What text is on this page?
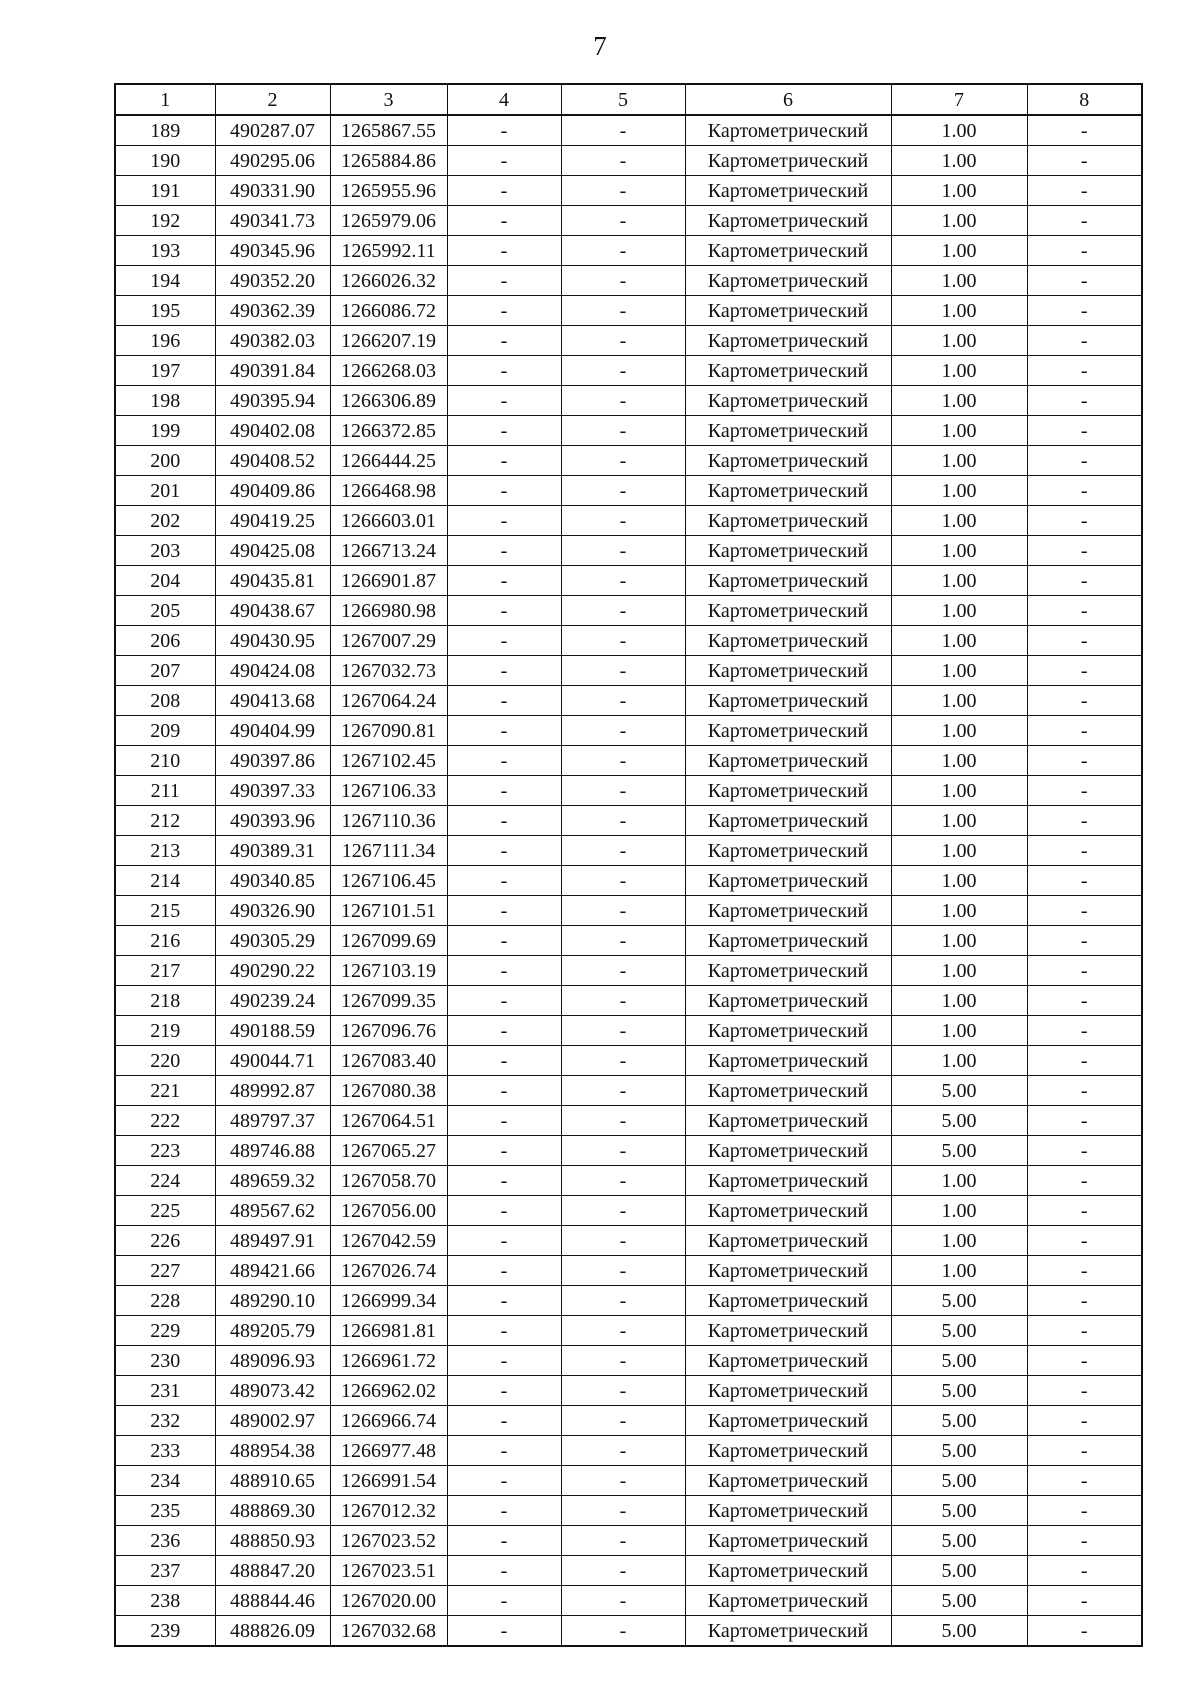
7
1	2	3	4	5	6	7	8
189	490287.07	1265867.55	-	-	Картометрический	1.00	-
190	490295.06	1265884.86	-	-	Картометрический	1.00	-
191	490331.90	1265955.96	-	-	Картометрический	1.00	-
192	490341.73	1265979.06	-	-	Картометрический	1.00	-
193	490345.96	1265992.11	-	-	Картометрический	1.00	-
194	490352.20	1266026.32	-	-	Картометрический	1.00	-
195	490362.39	1266086.72	-	-	Картометрический	1.00	-
196	490382.03	1266207.19	-	-	Картометрический	1.00	-
197	490391.84	1266268.03	-	-	Картометрический	1.00	-
198	490395.94	1266306.89	-	-	Картометрический	1.00	-
199	490402.08	1266372.85	-	-	Картометрический	1.00	-
200	490408.52	1266444.25	-	-	Картометрический	1.00	-
201	490409.86	1266468.98	-	-	Картометрический	1.00	-
202	490419.25	1266603.01	-	-	Картометрический	1.00	-
203	490425.08	1266713.24	-	-	Картометрический	1.00	-
204	490435.81	1266901.87	-	-	Картометрический	1.00	-
205	490438.67	1266980.98	-	-	Картометрический	1.00	-
206	490430.95	1267007.29	-	-	Картометрический	1.00	-
207	490424.08	1267032.73	-	-	Картометрический	1.00	-
208	490413.68	1267064.24	-	-	Картометрический	1.00	-
209	490404.99	1267090.81	-	-	Картометрический	1.00	-
210	490397.86	1267102.45	-	-	Картометрический	1.00	-
211	490397.33	1267106.33	-	-	Картометрический	1.00	-
212	490393.96	1267110.36	-	-	Картометрический	1.00	-
213	490389.31	1267111.34	-	-	Картометрический	1.00	-
214	490340.85	1267106.45	-	-	Картометрический	1.00	-
215	490326.90	1267101.51	-	-	Картометрический	1.00	-
216	490305.29	1267099.69	-	-	Картометрический	1.00	-
217	490290.22	1267103.19	-	-	Картометрический	1.00	-
218	490239.24	1267099.35	-	-	Картометрический	1.00	-
219	490188.59	1267096.76	-	-	Картометрический	1.00	-
220	490044.71	1267083.40	-	-	Картометрический	1.00	-
221	489992.87	1267080.38	-	-	Картометрический	5.00	-
222	489797.37	1267064.51	-	-	Картометрический	5.00	-
223	489746.88	1267065.27	-	-	Картометрический	5.00	-
224	489659.32	1267058.70	-	-	Картометрический	1.00	-
225	489567.62	1267056.00	-	-	Картометрический	1.00	-
226	489497.91	1267042.59	-	-	Картометрический	1.00	-
227	489421.66	1267026.74	-	-	Картометрический	1.00	-
228	489290.10	1266999.34	-	-	Картометрический	5.00	-
229	489205.79	1266981.81	-	-	Картометрический	5.00	-
230	489096.93	1266961.72	-	-	Картометрический	5.00	-
231	489073.42	1266962.02	-	-	Картометрический	5.00	-
232	489002.97	1266966.74	-	-	Картометрический	5.00	-
233	488954.38	1266977.48	-	-	Картометрический	5.00	-
234	488910.65	1266991.54	-	-	Картометрический	5.00	-
235	488869.30	1267012.32	-	-	Картометрический	5.00	-
236	488850.93	1267023.52	-	-	Картометрический	5.00	-
237	488847.20	1267023.51	-	-	Картометрический	5.00	-
238	488844.46	1267020.00	-	-	Картометрический	5.00	-
239	488826.09	1267032.68	-	-	Картометрический	5.00	-
